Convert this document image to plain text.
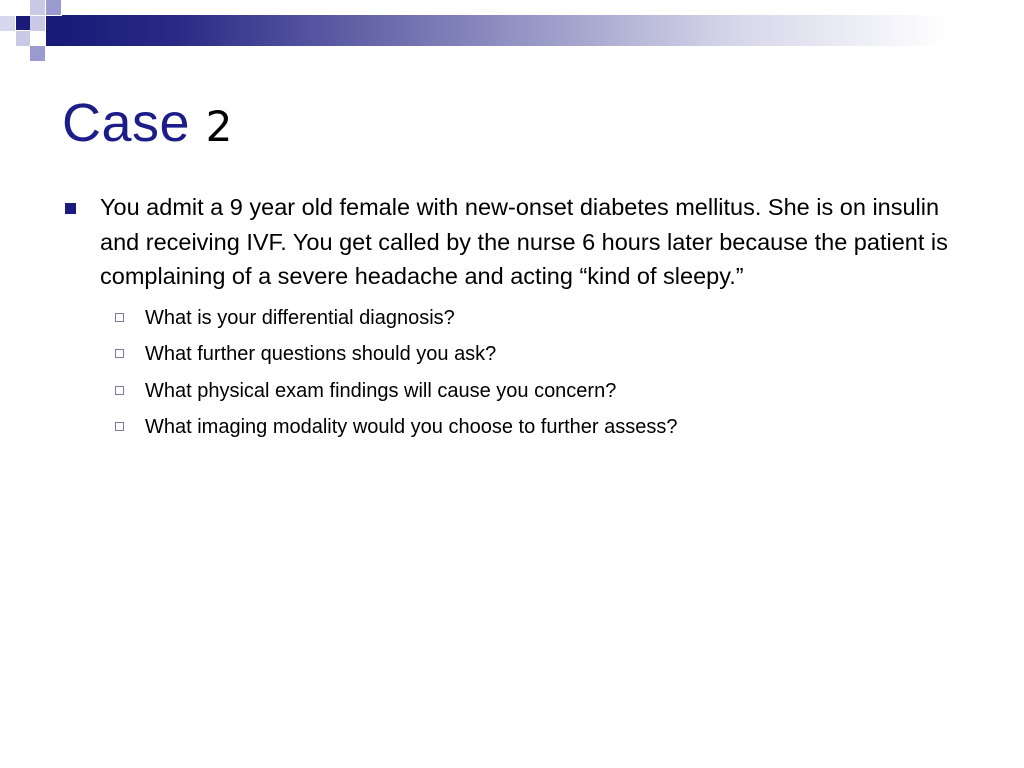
Case 2
You admit a 9 year old female with new-onset diabetes mellitus. She is on insulin and receiving IVF. You get called by the nurse 6 hours later because the patient is complaining of a severe headache and acting “kind of sleepy.”
What is your differential diagnosis?
What further questions should you ask?
What physical exam findings will cause you concern?
What imaging modality would you choose to further assess?
